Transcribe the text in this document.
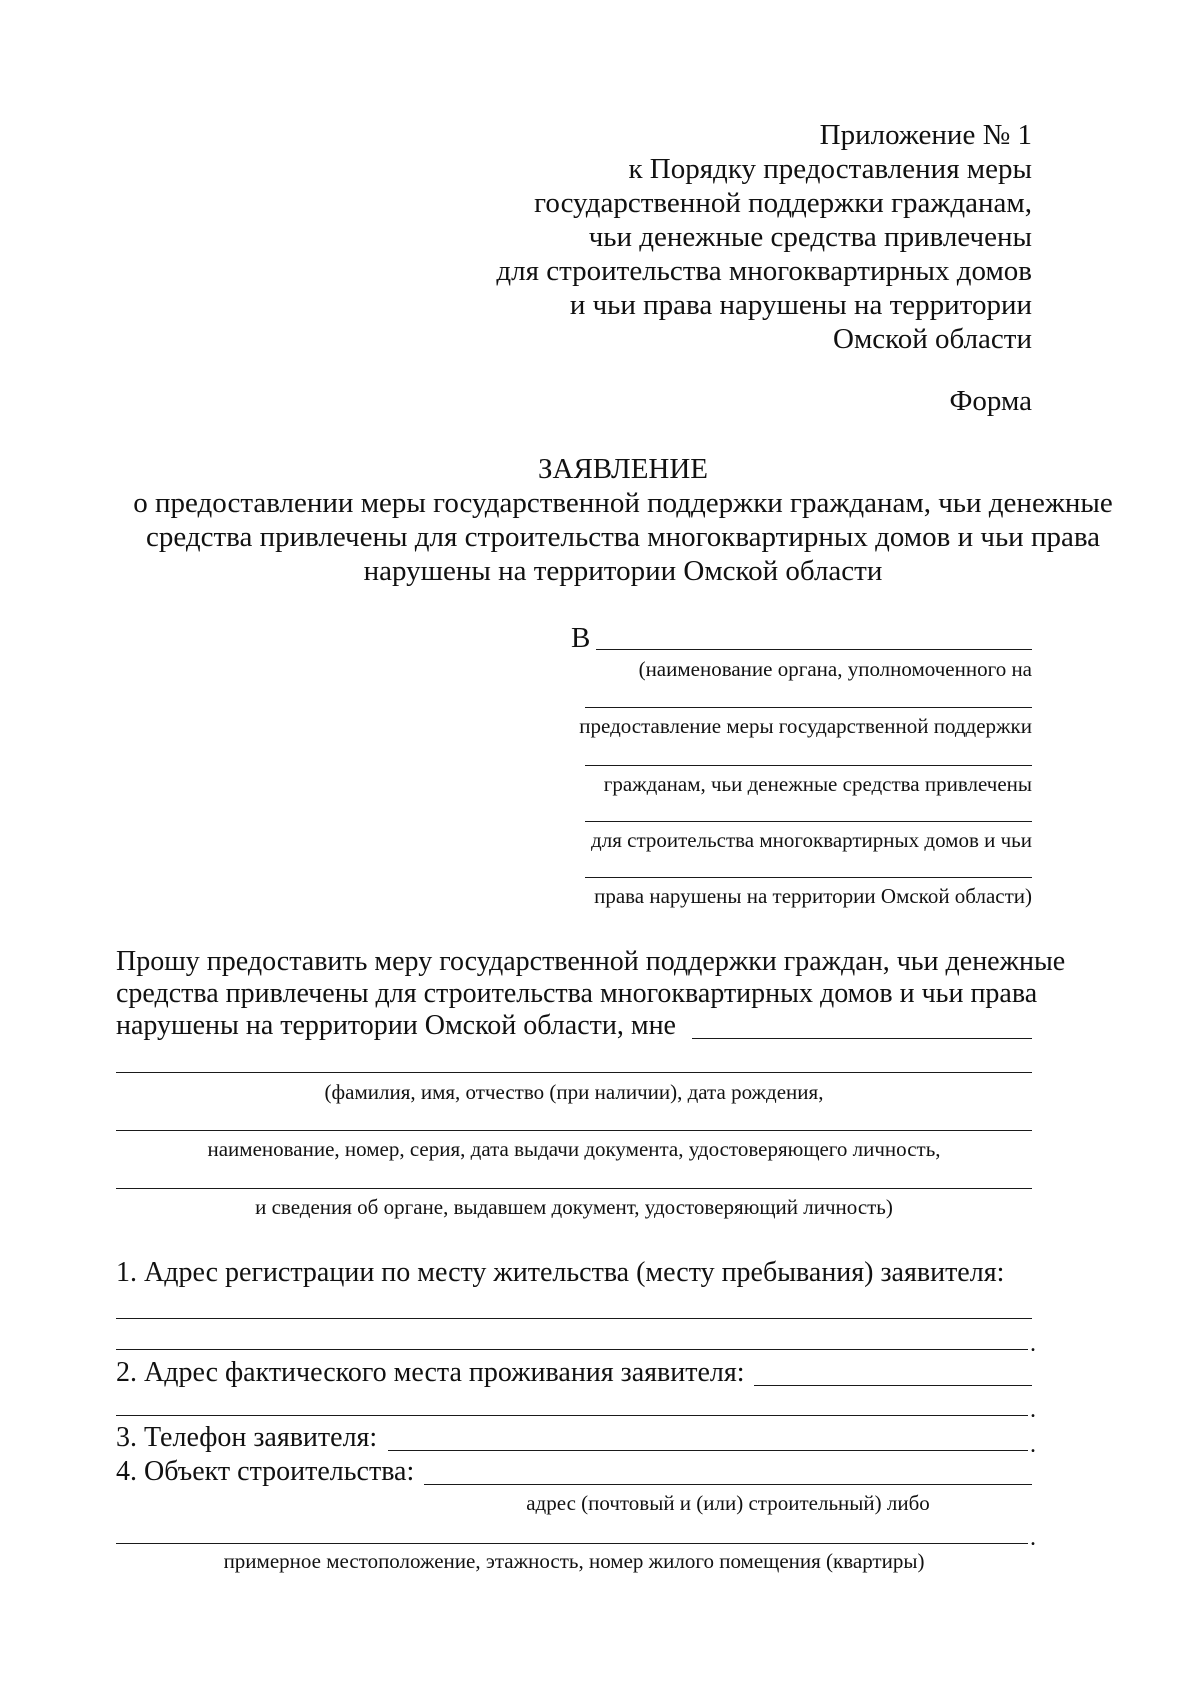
Приложение № 1
к Порядку предоставления меры
государственной поддержки гражданам,
чьи денежные средства привлечены
для строительства многоквартирных домов
и чьи права нарушены на территории
Омской области
Форма
ЗАЯВЛЕНИЕ
о предоставлении меры государственной поддержки гражданам, чьи денежные
средства привлечены для строительства многоквартирных домов и чьи права
нарушены на территории Омской области
В
(наименование органа, уполномоченного на
предоставление меры государственной поддержки
гражданам, чьи денежные средства привлечены
для строительства многоквартирных домов и чьи
права нарушены на территории Омской области)
Прошу предоставить меру государственной поддержки граждан, чьи денежные
средства привлечены для строительства многоквартирных домов и чьи права
нарушены на территории Омской области, мне
(фамилия, имя, отчество (при наличии), дата рождения,
наименование, номер, серия, дата выдачи документа, удостоверяющего личность,
и сведения об органе, выдавшем документ, удостоверяющий личность)
1. Адрес регистрации по месту жительства (месту пребывания) заявителя:
.
2. Адрес фактического места проживания заявителя:
.
3. Телефон заявителя:	.
4. Объект строительства:
адрес (почтовый и (или) строительный) либо
.
примерное местоположение, этажность, номер жилого помещения (квартиры)
